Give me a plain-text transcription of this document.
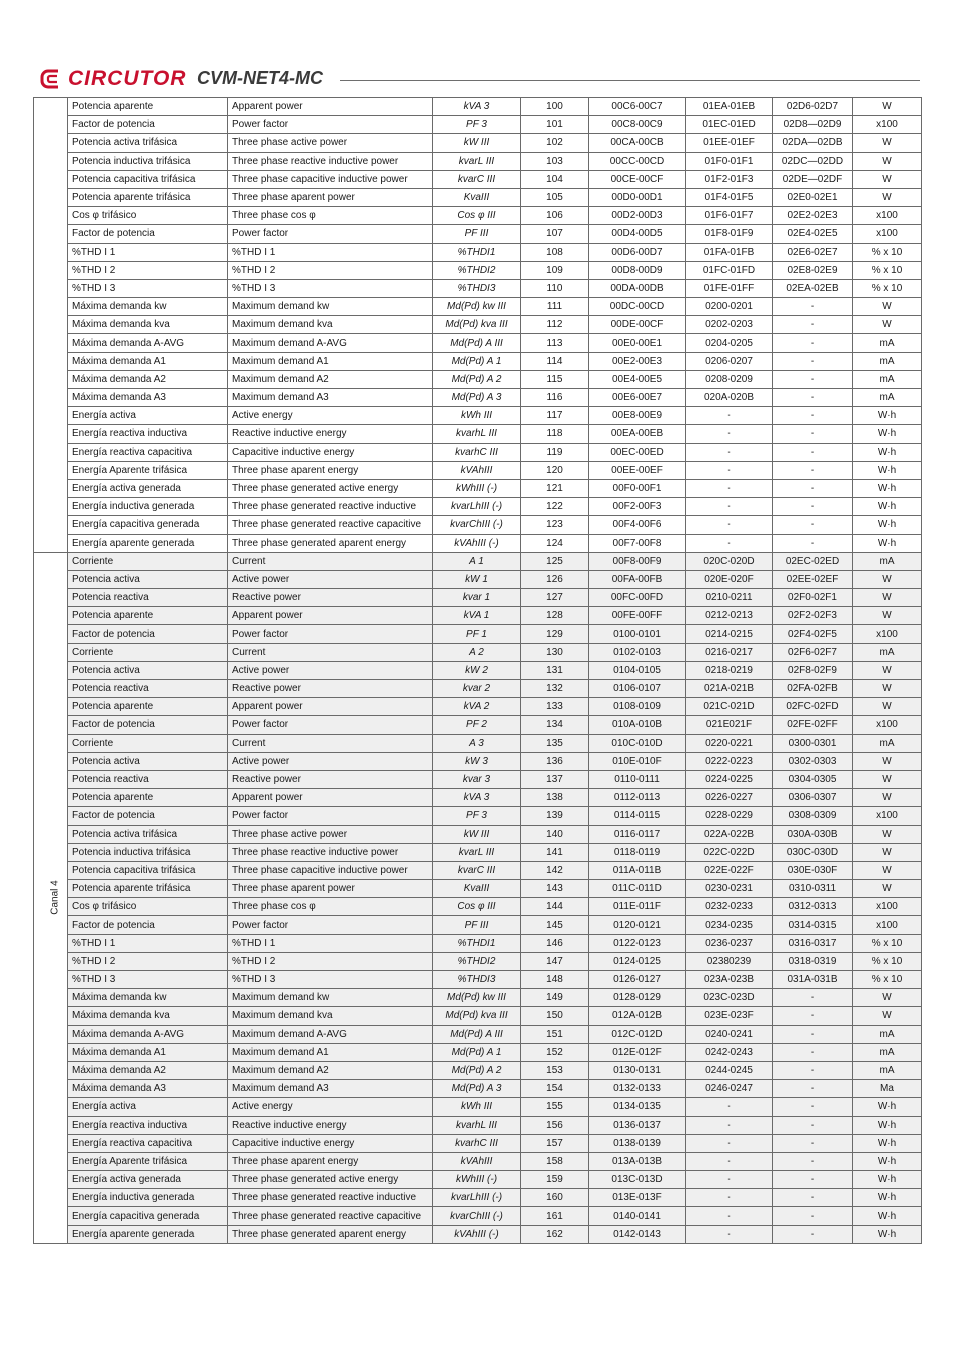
CIRCUTOR CVM-NET4-MC
	Potencia aparente	Apparent power	kVA 3	100	00C6-00C7	01EA-01EB	02D6-02D7	W
	Factor de potencia	Power factor	PF 3	101	00C8-00C9	01EC-01ED	02D8—02D9	x100
	Potencia activa trifásica	Three phase active power	kW III	102	00CA-00CB	01EE-01EF	02DA—02DB	W
	Potencia inductiva trifásica	Three phase reactive inductive power	kvarL III	103	00CC-00CD	01F0-01F1	02DC—02DD	W
	Potencia capacitiva trifásica	Three phase capacitive inductive power	kvarC III	104	00CE-00CF	01F2-01F3	02DE—02DF	W
	Potencia aparente trifásica	Three phase aparent power	KvaIII	105	00D0-00D1	01F4-01F5	02E0-02E1	W
	Cos φ trifásico	Three phase cos φ	Cos φ III	106	00D2-00D3	01F6-01F7	02E2-02E3	x100
	Factor de potencia	Power factor	PF III	107	00D4-00D5	01F8-01F9	02E4-02E5	x100
	%THD I 1	%THD I 1	%THDI1	108	00D6-00D7	01FA-01FB	02E6-02E7	% x 10
	%THD I 2	%THD I 2	%THDI2	109	00D8-00D9	01FC-01FD	02E8-02E9	% x 10
	%THD I 3	%THD I 3	%THDI3	110	00DA-00DB	01FE-01FF	02EA-02EB	% x 10
	Máxima demanda kw	Maximum demand kw	Md(Pd) kw III	111	00DC-00CD	0200-0201	-	W
	Máxima demanda kva	Maximum demand kva	Md(Pd) kva III	112	00DE-00CF	0202-0203	-	W
	Máxima demanda A-AVG	Maximum demand A-AVG	Md(Pd) A III	113	00E0-00E1	0204-0205	-	mA
	Máxima demanda A1	Maximum demand A1	Md(Pd) A 1	114	00E2-00E3	0206-0207	-	mA
	Máxima demanda A2	Maximum demand A2	Md(Pd) A 2	115	00E4-00E5	0208-0209	-	mA
	Máxima demanda A3	Maximum demand A3	Md(Pd) A 3	116	00E6-00E7	020A-020B	-	mA
	Energía activa	Active energy	kWh III	117	00E8-00E9	-	-	W·h
	Energía reactiva inductiva	Reactive inductive energy	kvarhL III	118	00EA-00EB	-	-	W·h
	Energía reactiva capacitiva	Capacitive inductive energy	kvarhC III	119	00EC-00ED	-	-	W·h
	Energía Aparente trifásica	Three phase aparent energy	kVAhIII	120	00EE-00EF	-	-	W·h
	Energía activa generada	Three phase generated active energy	kWhIII (-)	121	00F0-00F1	-	-	W·h
	Energía inductiva generada	Three phase generated reactive inductive	kvarLhIII (-)	122	00F2-00F3	-	-	W·h
	Energía capacitiva generada	Three phase generated reactive capacitive	kvarChIII (-)	123	00F4-00F6	-	-	W·h
	Energía aparente generada	Three phase generated aparent energy	kVAhIII (-)	124	00F7-00F8	-	-	W·h
Canal 4	Corriente	Current	A 1	125	00F8-00F9	020C-020D	02EC-02ED	mA
	Potencia activa	Active power	kW 1	126	00FA-00FB	020E-020F	02EE-02EF	W
	Potencia reactiva	Reactive power	kvar 1	127	00FC-00FD	0210-0211	02F0-02F1	W
	Potencia aparente	Apparent power	kVA 1	128	00FE-00FF	0212-0213	02F2-02F3	W
	Factor de potencia	Power factor	PF 1	129	0100-0101	0214-0215	02F4-02F5	x100
	Corriente	Current	A 2	130	0102-0103	0216-0217	02F6-02F7	mA
	Potencia activa	Active power	kW 2	131	0104-0105	0218-0219	02F8-02F9	W
	Potencia reactiva	Reactive power	kvar 2	132	0106-0107	021A-021B	02FA-02FB	W
	Potencia aparente	Apparent power	kVA 2	133	0108-0109	021C-021D	02FC-02FD	W
	Factor de potencia	Power factor	PF 2	134	010A-010B	021E021F	02FE-02FF	x100
	Corriente	Current	A 3	135	010C-010D	0220-0221	0300-0301	mA
	Potencia activa	Active power	kW 3	136	010E-010F	0222-0223	0302-0303	W
	Potencia reactiva	Reactive power	kvar 3	137	0110-0111	0224-0225	0304-0305	W
	Potencia aparente	Apparent power	kVA 3	138	0112-0113	0226-0227	0306-0307	W
	Factor de potencia	Power factor	PF 3	139	0114-0115	0228-0229	0308-0309	x100
	Potencia activa trifásica	Three phase active power	kW III	140	0116-0117	022A-022B	030A-030B	W
	Potencia inductiva trifásica	Three phase reactive inductive power	kvarL III	141	0118-0119	022C-022D	030C-030D	W
	Potencia capacitiva trifásica	Three phase capacitive inductive power	kvarC III	142	011A-011B	022E-022F	030E-030F	W
	Potencia aparente trifásica	Three phase aparent power	KvaIII	143	011C-011D	0230-0231	0310-0311	W
	Cos φ trifásico	Three phase cos φ	Cos φ III	144	011E-011F	0232-0233	0312-0313	x100
	Factor de potencia	Power factor	PF III	145	0120-0121	0234-0235	0314-0315	x100
	%THD I 1	%THD I 1	%THDI1	146	0122-0123	0236-0237	0316-0317	% x 10
	%THD I 2	%THD I 2	%THDI2	147	0124-0125	02380239	0318-0319	% x 10
	%THD I 3	%THD I 3	%THDI3	148	0126-0127	023A-023B	031A-031B	% x 10
	Máxima demanda kw	Maximum demand kw	Md(Pd) kw III	149	0128-0129	023C-023D	-	W
	Máxima demanda kva	Maximum demand kva	Md(Pd) kva III	150	012A-012B	023E-023F	-	W
	Máxima demanda A-AVG	Maximum demand A-AVG	Md(Pd) A III	151	012C-012D	0240-0241	-	mA
	Máxima demanda A1	Maximum demand A1	Md(Pd) A 1	152	012E-012F	0242-0243	-	mA
	Máxima demanda A2	Maximum demand A2	Md(Pd) A 2	153	0130-0131	0244-0245	-	mA
	Máxima demanda A3	Maximum demand A3	Md(Pd) A 3	154	0132-0133	0246-0247	-	Ma
	Energía activa	Active energy	kWh III	155	0134-0135	-	-	W·h
	Energía reactiva inductiva	Reactive inductive energy	kvarhL III	156	0136-0137	-	-	W·h
	Energía reactiva capacitiva	Capacitive inductive energy	kvarhC III	157	0138-0139	-	-	W·h
	Energía Aparente trifásica	Three phase aparent energy	kVAhIII	158	013A-013B	-	-	W·h
	Energía activa generada	Three phase generated active energy	kWhIII (-)	159	013C-013D	-	-	W·h
	Energía inductiva generada	Three phase generated reactive inductive	kvarLhIII (-)	160	013E-013F	-	-	W·h
	Energía capacitiva generada	Three phase generated reactive capacitive	kvarChIII (-)	161	0140-0141	-	-	W·h
	Energía aparente generada	Three phase generated aparent energy	kVAhIII (-)	162	0142-0143	-	-	W·h
